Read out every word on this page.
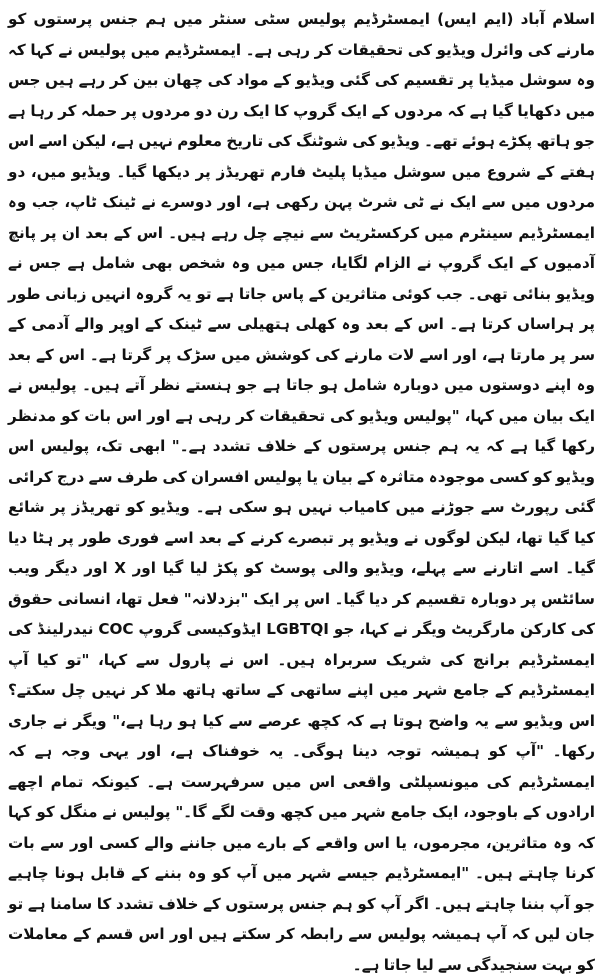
اسلام آباد (ایم ایس) ایمسٹرڈیم پولیس سٹی سنٹر میں ہم جنس پرستوں کو مارنے کی وائرل ویڈیو کی تحقیقات کر رہی ہے۔ ایمسٹرڈیم میں پولیس نے کہا کہ وہ سوشل میڈیا پر تقسیم کی گئی ویڈیو کے مواد کی چھان بین کر رہے ہیں جس میں دکھایا گیا ہے کہ مردوں کے ایک گروپ کا ایک رن دو مردوں پر حملہ کر رہا ہے جو ہاتھ پکڑے ہوئے تھے۔ ویڈیو کی شوٹنگ کی تاریخ معلوم نہیں ہے، لیکن اسے اس ہفتے کے شروع میں سوشل میڈیا پلیٹ فارم تھریڈز پر دیکھا گیا۔ ویڈیو میں، دو مردوں میں سے ایک نے ٹی شرٹ پہن رکھی ہے، اور دوسرے نے ٹینک ٹاپ، جب وہ ایمسٹرڈیم سینٹرم میں کرکسٹریٹ سے نیچے چل رہے ہیں۔ اس کے بعد ان پر پانچ آدمیوں کے ایک گروپ نے الزام لگایا، جس میں وہ شخص بھی شامل ہے جس نے ویڈیو بنائی تھی۔ جب کوئی متاثرین کے پاس جاتا ہے تو یہ گروہ انہیں زبانی طور پر ہراساں کرتا ہے۔ اس کے بعد وہ کھلی ہتھیلی سے ٹینک کے اوپر والے آدمی کے سر پر مارتا ہے، اور اسے لات مارنے کی کوشش میں سڑک پر گرتا ہے۔ اس کے بعد وہ اپنے دوستوں میں دوبارہ شامل ہو جاتا ہے جو ہنستے نظر آتے ہیں۔ پولیس نے ایک بیان میں کہا، "پولیس ویڈیو کی تحقیقات کر رہی ہے اور اس بات کو مدنظر رکھا گیا ہے کہ یہ ہم جنس پرستوں کے خلاف تشدد ہے۔" ابھی تک، پولیس اس ویڈیو کو کسی موجودہ متاثرہ کے بیان یا پولیس افسران کی طرف سے درج کرائی گئی رپورٹ سے جوڑنے میں کامیاب نہیں ہو سکی ہے۔ ویڈیو کو تھریڈز پر شائع کیا گیا تھا، لیکن لوگوں نے ویڈیو پر تبصرے کرنے کے بعد اسے فوری طور پر ہٹا دیا گیا۔ اسے اتارنے سے پہلے، ویڈیو والی پوسٹ کو پکڑ لیا گیا اور X اور دیگر ویب سائٹس پر دوبارہ تقسیم کر دیا گیا۔ اس پر ایک "بزدلانہ" فعل تھا، انسانی حقوق کی کارکن مارگریٹ ویگر نے کہا، جو LGBTQI ایڈوکیسی گروپ COC نیدرلینڈ کی ایمسٹرڈیم برانچ کی شریک سربراہ ہیں۔ اس نے پارول سے کہا، "تو کیا آپ ایمسٹرڈیم کے جامع شہر میں اپنے ساتھی کے ساتھ ہاتھ ملا کر نہیں چل سکتے؟ اس ویڈیو سے یہ واضح ہوتا ہے کہ کچھ عرصے سے کیا ہو رہا ہے،" ویگر نے جاری رکھا۔ "آپ کو ہمیشہ توجہ دینا ہوگی۔ یہ خوفناک ہے، اور یہی وجہ ہے کہ ایمسٹرڈیم کی میونسپلٹی واقعی اس میں سرفہرست ہے۔ کیونکہ تمام اچھے ارادوں کے باوجود، ایک جامع شہر میں کچھ وقت لگے گا۔" پولیس نے منگل کو کہا کہ وہ متاثرین، مجرموں، یا اس واقعے کے بارے میں جاننے والے کسی اور سے بات کرنا چاہتے ہیں۔ "ایمسٹرڈیم جیسے شہر میں آپ کو وہ بننے کے قابل ہونا چاہیے جو آپ بننا چاہتے ہیں۔ اگر آپ کو ہم جنس پرستوں کے خلاف تشدد کا سامنا ہے تو جان لیں کہ آپ ہمیشہ پولیس سے رابطہ کر سکتے ہیں اور اس قسم کے معاملات کو بہت سنجیدگی سے لیا جاتا ہے۔
